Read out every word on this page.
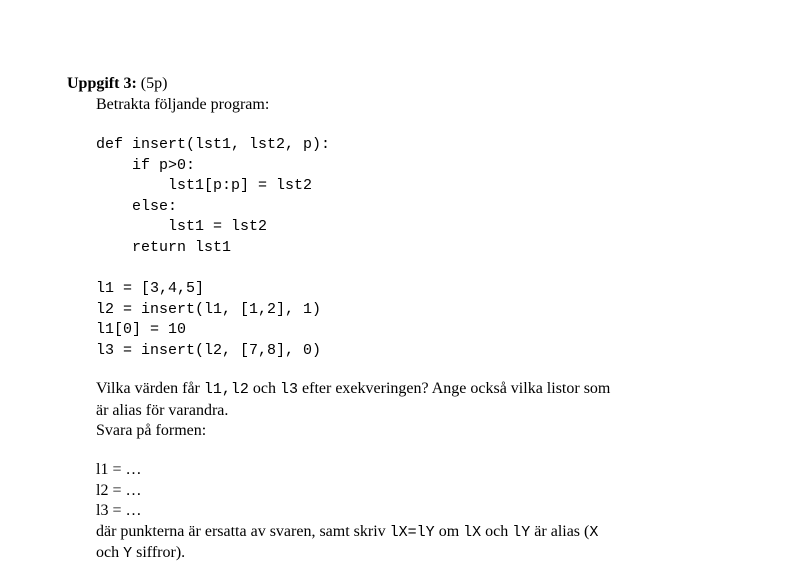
Uppgift 3: (5p)
Betrakta följande program:
def insert(lst1, lst2, p):
if p>0:
lst1[p:p] = lst2
else:
lst1 = lst2
return lst1
l1 = [3,4,5]
l2 = insert(l1, [1,2], 1)
l1[0] = 10
l3 = insert(l2, [7,8], 0)
Vilka värden får l1,l2 och l3 efter exekveringen? Ange också vilka listor som
är alias för varandra.
Svara på formen:
l1 = …
l2 = …
l3 = …
där punkterna är ersatta av svaren, samt skriv lX=lY om lX och lY är alias (X
och Y siffror).
